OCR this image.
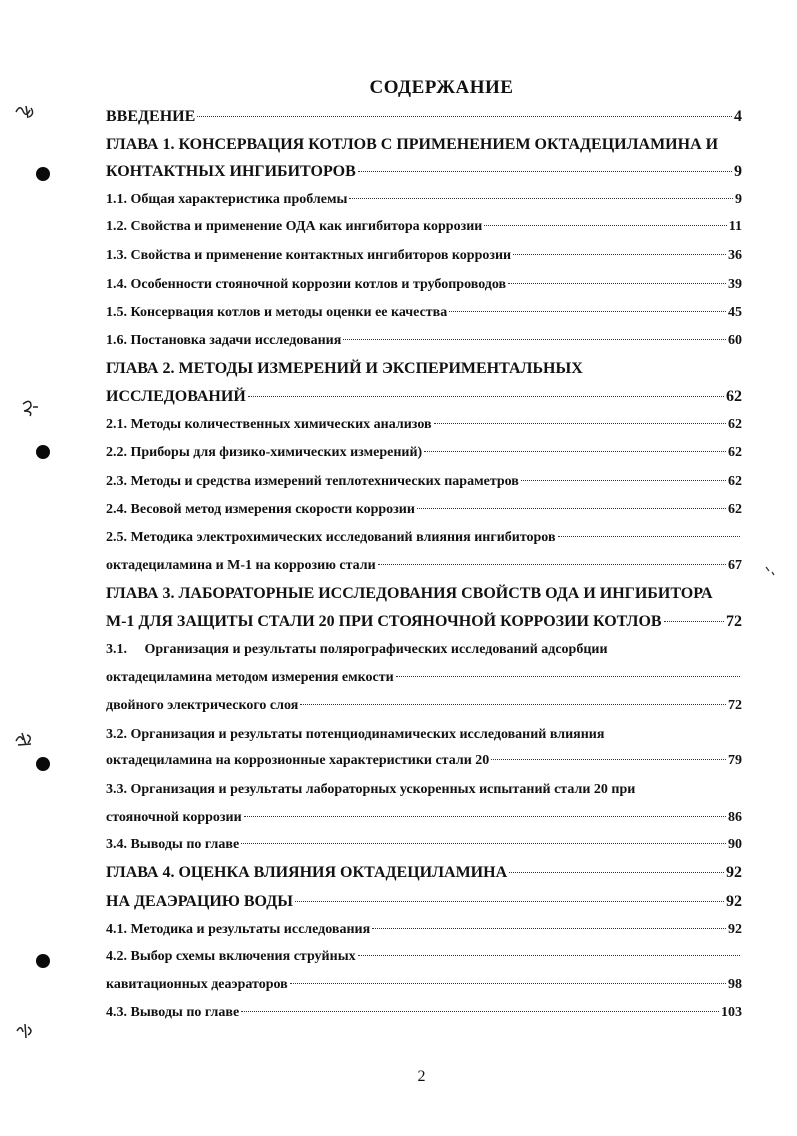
СОДЕРЖАНИЕ
ВВЕДЕНИЕ	4
ГЛАВА 1. КОНСЕРВАЦИЯ КОТЛОВ С ПРИМЕНЕНИЕМ ОКТАДЕЦИЛАМИНА И
КОНТАКТНЫХ ИНГИБИТОРОВ	9
1.1. Общая характеристика проблемы	9
1.2. Свойства и применение ОДА как ингибитора коррозии	11
1.3. Свойства и применение контактных ингибиторов коррозии	36
1.4. Особенности стояночной коррозии котлов и трубопроводов	39
1.5. Консервация котлов и методы оценки ее качества	45
1.6. Постановка задачи исследования	60
ГЛАВА 2. МЕТОДЫ ИЗМЕРЕНИЙ И ЭКСПЕРИМЕНТАЛЬНЫХ
ИССЛЕДОВАНИЙ	62
2.1. Методы количественных химических анализов	62
2.2. Приборы для физико-химических измерений)	62
2.3. Методы и средства измерений теплотехнических параметров	62
2.4. Весовой метод измерения скорости коррозии	62
2.5. Методика электрохимических исследований влияния ингибиторов
октадециламина и М-1 на коррозию стали	67
ГЛАВА 3. ЛАБОРАТОРНЫЕ ИССЛЕДОВАНИЯ СВОЙСТВ ОДА И ИНГИБИТОРА
М-1 ДЛЯ ЗАЩИТЫ СТАЛИ 20 ПРИ СТОЯНОЧНОЙ КОРРОЗИИ КОТЛОВ	72
3.1.     Организация и результаты полярографических исследований адсорбции
октадециламина методом измерения емкости
двойного электрического слоя	72
3.2. Организация и результаты потенциодинамических исследований влияния
октадециламина на коррозионные характеристики стали 20	79
3.3. Организация и результаты лабораторных ускоренных испытаний стали 20 при
стояночной коррозии	86
3.4. Выводы по главе	90
ГЛАВА 4. ОЦЕНКА ВЛИЯНИЯ ОКТАДЕЦИЛАМИНА	92
НА ДЕАЭРАЦИЮ ВОДЫ	92
4.1. Методика и результаты исследования	92
4.2. Выбор схемы включения струйных
кавитационных деаэраторов	98
4.3. Выводы по главе	103
2
